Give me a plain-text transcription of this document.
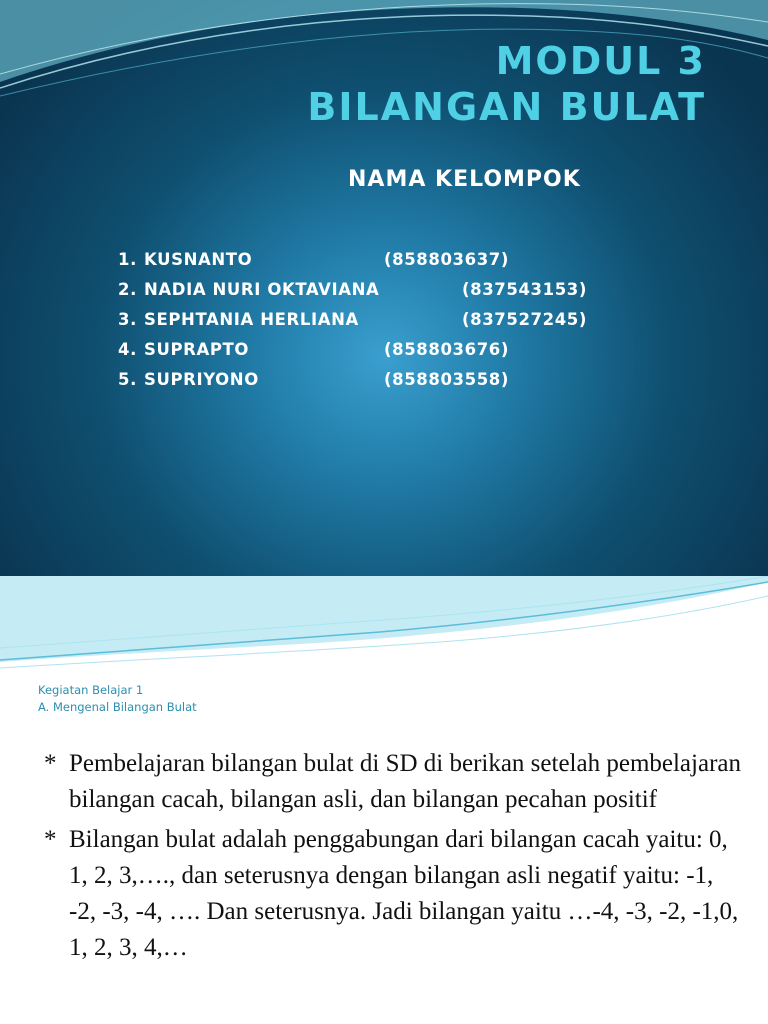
MODUL 3
BILANGAN BULAT
NAMA KELOMPOK
1. KUSNANTO	(858803637)
2. NADIA NURI OKTAVIANA	(837543153)
3. SEPHTANIA HERLIANA	(837527245)
4. SUPRAPTO	(858803676)
5. SUPRIYONO	(858803558)
Kegiatan Belajar 1
A. Mengenal Bilangan Bulat
* Pembelajaran bilangan bulat di SD di berikan setelah pembelajaran bilangan cacah, bilangan asli, dan bilangan pecahan positif
* Bilangan bulat adalah penggabungan dari bilangan cacah yaitu: 0, 1, 2, 3,…., dan seterusnya dengan bilangan asli negatif yaitu: -1, -2, -3, -4, …. Dan seterusnya. Jadi bilangan yaitu …-4, -3, -2, -1,0, 1, 2, 3, 4,…
